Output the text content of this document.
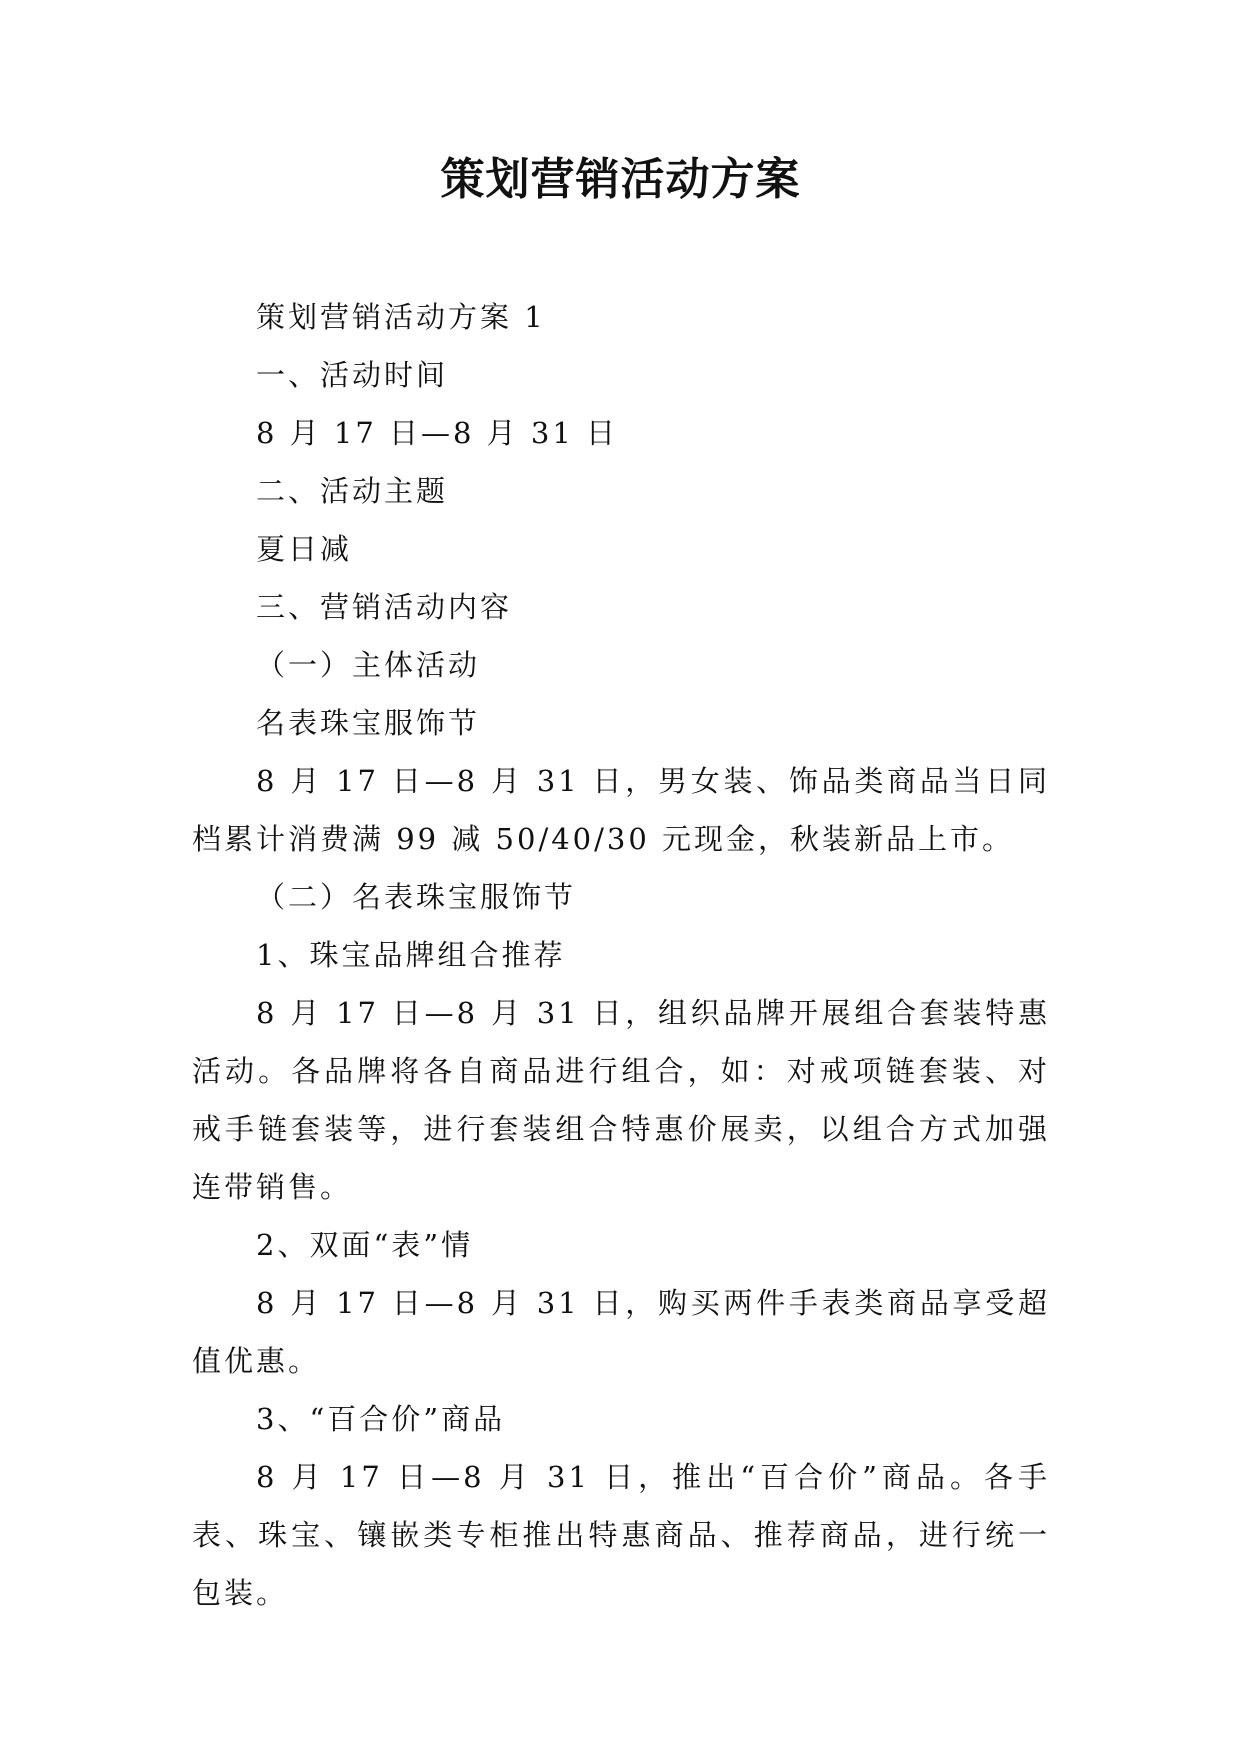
策划营销活动方案

策划营销活动方案 1

一、活动时间

8 月 17 日—8 月 31 日

二、活动主题

夏日减

三、营销活动内容

（一）主体活动

名表珠宝服饰节

8 月 17 日—8 月 31 日，男女装、饰品类商品当日同档累计消费满 99 减 50/40/30 元现金，秋装新品上市。

（二）名表珠宝服饰节

1、珠宝品牌组合推荐

8 月 17 日—8 月 31 日，组织品牌开展组合套装特惠活动。各品牌将各自商品进行组合，如：对戒项链套装、对戒手链套装等，进行套装组合特惠价展卖，以组合方式加强连带销售。

2、双面“表”情

8 月 17 日—8 月 31 日，购买两件手表类商品享受超值优惠。

3、“百合价”商品

8 月 17 日—8 月 31 日，推出“百合价”商品。各手表、珠宝、镶嵌类专柜推出特惠商品、推荐商品，进行统一包装。
